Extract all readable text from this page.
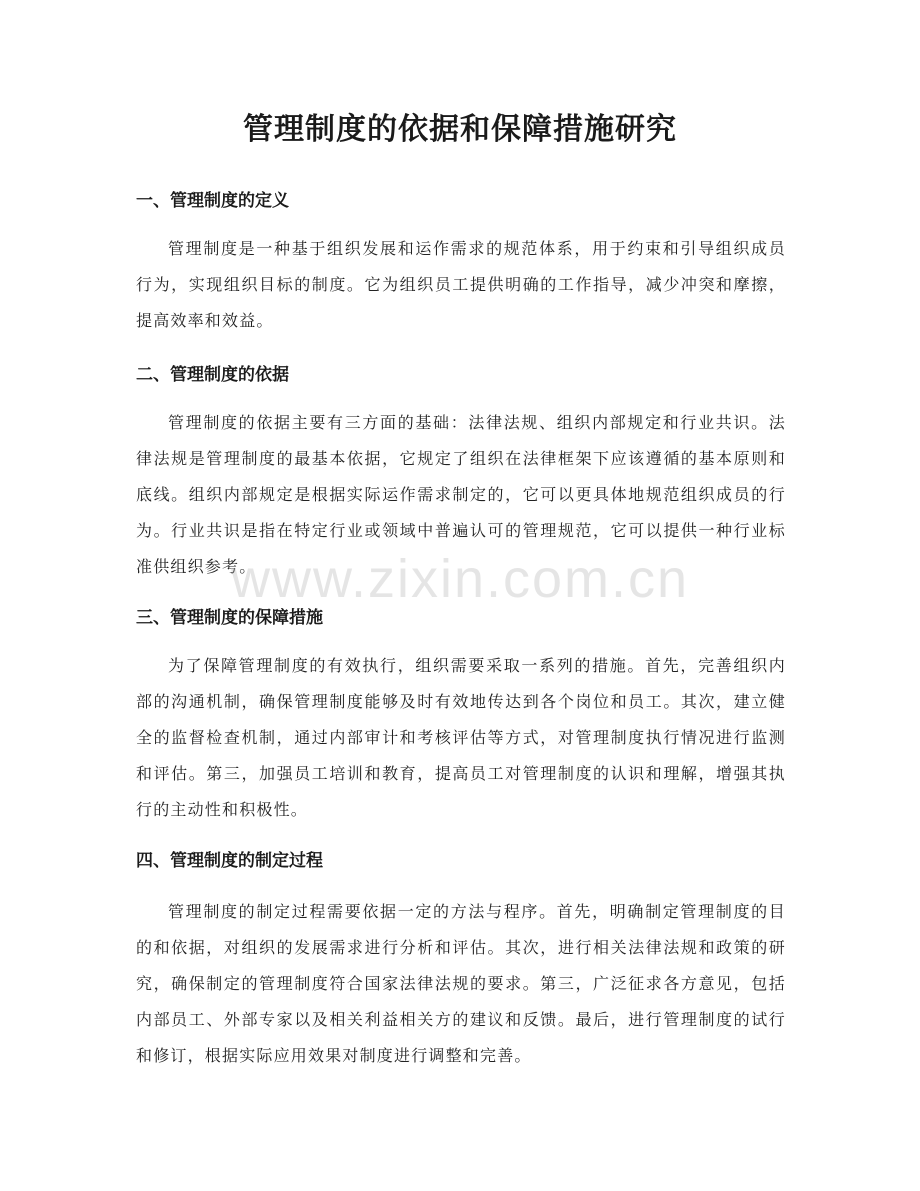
管理制度的依据和保障措施研究
一、管理制度的定义

管理制度是一种基于组织发展和运作需求的规范体系，用于约束和引导组织成员行为，实现组织目标的制度。它为组织员工提供明确的工作指导，减少冲突和摩擦，提高效率和效益。

二、管理制度的依据

管理制度的依据主要有三方面的基础：法律法规、组织内部规定和行业共识。法律法规是管理制度的最基本依据，它规定了组织在法律框架下应该遵循的基本原则和底线。组织内部规定是根据实际运作需求制定的，它可以更具体地规范组织成员的行为。行业共识是指在特定行业或领域中普遍认可的管理规范，它可以提供一种行业标准供组织参考。

三、管理制度的保障措施

为了保障管理制度的有效执行，组织需要采取一系列的措施。首先，完善组织内部的沟通机制，确保管理制度能够及时有效地传达到各个岗位和员工。其次，建立健全的监督检查机制，通过内部审计和考核评估等方式，对管理制度执行情况进行监测和评估。第三，加强员工培训和教育，提高员工对管理制度的认识和理解，增强其执行的主动性和积极性。

四、管理制度的制定过程

管理制度的制定过程需要依据一定的方法与程序。首先，明确制定管理制度的目的和依据，对组织的发展需求进行分析和评估。其次，进行相关法律法规和政策的研究，确保制定的管理制度符合国家法律法规的要求。第三，广泛征求各方意见，包括内部员工、外部专家以及相关利益相关方的建议和反馈。最后，进行管理制度的试行和修订，根据实际应用效果对制度进行调整和完善。

www.zixin.com.cn
